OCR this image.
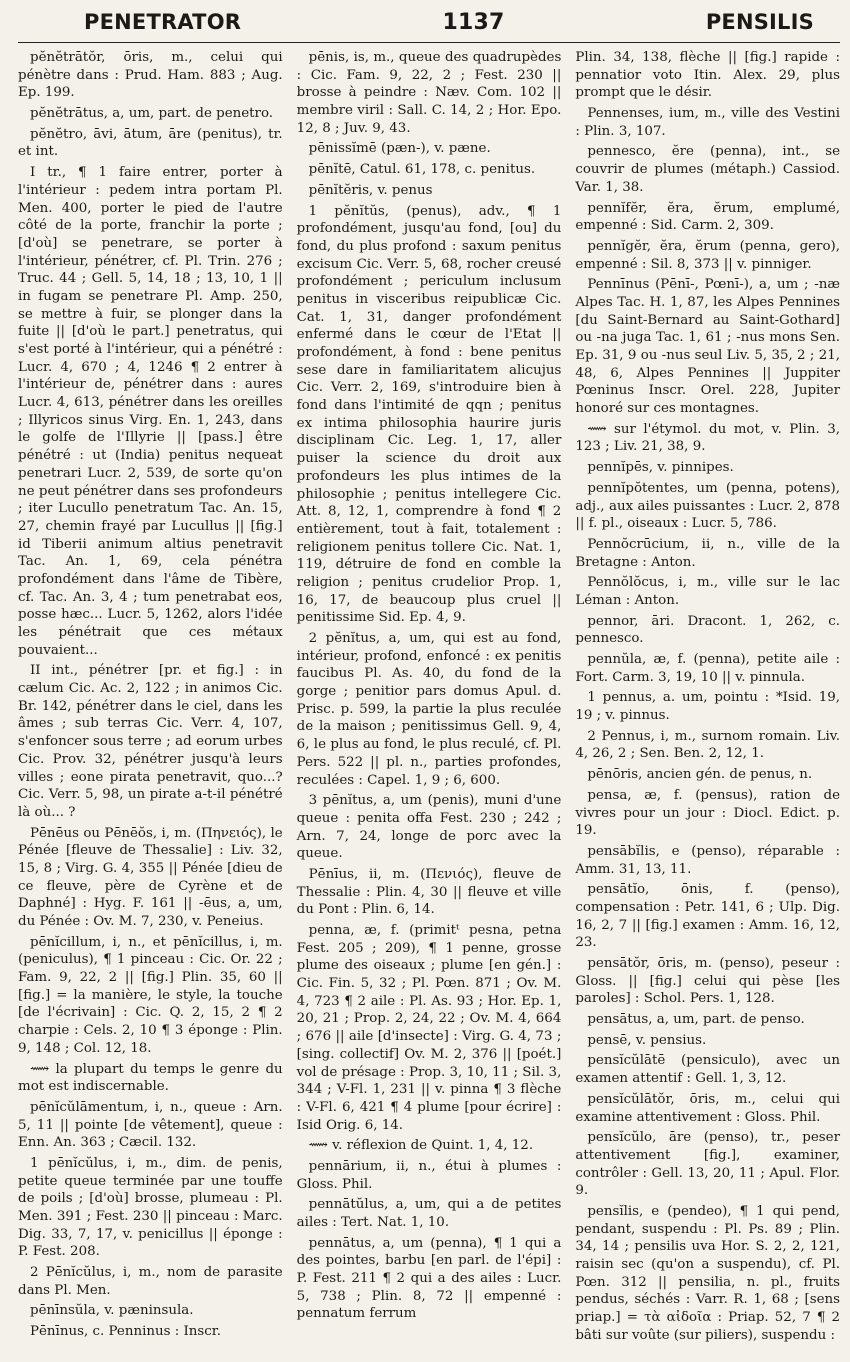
PENETRATOR	1137	PENSILIS

pĕnĕtrātŏr, ōris, m., celui qui pénètre dans : Prud. Ham. 883 ; Aug. Ep. 199.

pĕnĕtrātus, a, um, part. de penetro.

pĕnĕtro, āvi, ātum, āre (penitus), tr. et int.

I tr., ¶ 1 faire entrer, porter à l'intérieur : pedem intra portam Pl. Men. 400, porter le pied de l'autre côté de la porte, franchir la porte ; [d'où] se penetrare, se porter à l'intérieur, pénétrer, cf. Pl. Trin. 276 ; Truc. 44 ; Gell. 5, 14, 18 ; 13, 10, 1 || in fugam se penetrare Pl. Amp. 250, se mettre à fuir, se plonger dans la fuite || [d'où le part.] penetratus, qui s'est porté à l'intérieur, qui a pénétré : Lucr. 4, 670 ; 4, 1246 ¶ 2 entrer à l'intérieur de, pénétrer dans : aures Lucr. 4, 613, pénétrer dans les oreilles ; Illyricos sinus Virg. En. 1, 243, dans le golfe de l'Illyrie || [pass.] être pénétré : ut (India) penitus nequeat penetrari Lucr. 2, 539, de sorte qu'on ne peut pénétrer dans ses profondeurs ; iter Lucullo penetratum Tac. An. 15, 27, chemin frayé par Lucullus || [fig.] id Tiberii animum altius penetravit Tac. An. 1, 69, cela pénétra profondément dans l'âme de Tibère, cf. Tac. An. 3, 4 ; tum penetrabat eos, posse hæc... Lucr. 5, 1262, alors l'idée les pénétrait que ces métaux pouvaient...

II int., pénétrer [pr. et fig.] : in cælum Cic. Ac. 2, 122 ; in animos Cic. Br. 142, pénétrer dans le ciel, dans les âmes ; sub terras Cic. Verr. 4, 107, s'enfoncer sous terre ; ad eorum urbes Cic. Prov. 32, pénétrer jusqu'à leurs villes ; eone pirata penetravit, quo...? Cic. Verr. 5, 98, un pirate a-t-il pénétré là où... ?

Pēnēus ou Pēnēŏs, i, m. (Πηνειός), le Pénée [fleuve de Thessalie] : Liv. 32, 15, 8 ; Virg. G. 4, 355 || Pénée [dieu de ce fleuve, père de Cyrène et de Daphné] : Hyg. F. 161 || -ēus, a, um, du Pénée : Ov. M. 7, 230, v. Peneius.

pēnĭcillum, i, n., et pēnĭcillus, i, m. (peniculus), ¶ 1 pinceau : Cic. Or. 22 ; Fam. 9, 22, 2 || [fig.] Plin. 35, 60 || [fig.] = la manière, le style, la touche [de l'écrivain] : Cic. Q. 2, 15, 2 ¶ 2 charpie : Cels. 2, 10 ¶ 3 éponge : Plin. 9, 148 ; Col. 12, 18.

⟿ la plupart du temps le genre du mot est indiscernable.

pēnĭcŭlāmentum, i, n., queue : Arn. 5, 11 || pointe [de vêtement], queue : Enn. An. 363 ; Cæcil. 132.

1 pēnĭcŭlus, i, m., dim. de penis, petite queue terminée par une touffe de poils ; [d'où] brosse, plumeau : Pl. Men. 391 ; Fest. 230 || pinceau : Marc. Dig. 33, 7, 17, v. penicillus || éponge : P. Fest. 208.

2 Pēnĭcŭlus, i, m., nom de parasite dans Pl. Men.

pēnīnsŭla, v. pæninsula.

Pēnīnus, c. Penninus : Inscr.

pēnis, is, m., queue des quadrupèdes : Cic. Fam. 9, 22, 2 ; Fest. 230 || brosse à peindre : Næv. Com. 102 || membre viril : Sall. C. 14, 2 ; Hor. Epo. 12, 8 ; Juv. 9, 43.

pēnissĭmē (pæn-), v. pæne.

pēnĭtē, Catul. 61, 178, c. penitus.

pēnĭtĕris, v. penus

1 pĕnĭtŭs, (penus), adv., ¶ 1 profondément, jusqu'au fond, [ou] du fond, du plus profond : saxum penitus excisum Cic. Verr. 5, 68, rocher creusé profondément ; periculum inclusum penitus in visceribus reipublicæ Cic. Cat. 1, 31, danger profondément enfermé dans le cœur de l'Etat || profondément, à fond : bene penitus sese dare in familiaritatem alicujus Cic. Verr. 2, 169, s'introduire bien à fond dans l'intimité de qqn ; penitus ex intima philosophia haurire juris disciplinam Cic. Leg. 1, 17, aller puiser la science du droit aux profondeurs les plus intimes de la philosophie ; penitus intellegere Cic. Att. 8, 12, 1, comprendre à fond ¶ 2 entièrement, tout à fait, totalement : religionem penitus tollere Cic. Nat. 1, 119, détruire de fond en comble la religion ; penitus crudelior Prop. 1, 16, 17, de beaucoup plus cruel || penitissime Sid. Ep. 4, 9.

2 pĕnĭtus, a, um, qui est au fond, intérieur, profond, enfoncé : ex penitis faucibus Pl. As. 40, du fond de la gorge ; penitior pars domus Apul. d. Prisc. p. 599, la partie la plus reculée de la maison ; penitissimus Gell. 9, 4, 6, le plus au fond, le plus reculé, cf. Pl. Pers. 522 || pl. n., parties profondes, reculées : Capel. 1, 9 ; 6, 600.

3 pēnĭtus, a, um (penis), muni d'une queue : penita offa Fest. 230 ; 242 ; Arn. 7, 24, longe de porc avec la queue.

Pēnīus, ii, m. (Πενιός), fleuve de Thessalie : Plin. 4, 30 || fleuve et ville du Pont : Plin. 6, 14.

penna, æ, f. (primitᵗ pesna, petna Fest. 205 ; 209), ¶ 1 penne, grosse plume des oiseaux ; plume [en gén.] : Cic. Fin. 5, 32 ; Pl. Pœn. 871 ; Ov. M. 4, 723 ¶ 2 aile : Pl. As. 93 ; Hor. Ep. 1, 20, 21 ; Prop. 2, 24, 22 ; Ov. M. 4, 664 ; 676 || aile [d'insecte] : Virg. G. 4, 73 ; [sing. collectif] Ov. M. 2, 376 || [poét.] vol de présage : Prop. 3, 10, 11 ; Sil. 3, 344 ; V-Fl. 1, 231 || v. pinna ¶ 3 flèche : V-Fl. 6, 421 ¶ 4 plume [pour écrire] : Isid Orig. 6, 14.

⟿ v. réflexion de Quint. 1, 4, 12.

pennārium, ii, n., étui à plumes : Gloss. Phil.

pennātŭlus, a, um, qui a de petites ailes : Tert. Nat. 1, 10.

pennātus, a, um (penna), ¶ 1 qui a des pointes, barbu [en parl. de l'épi] : P. Fest. 211 ¶ 2 qui a des ailes : Lucr. 5, 738 ; Plin. 8, 72 || empenné : pennatum ferrum

Plin. 34, 138, flèche || [fig.] rapide : pennatior voto Itin. Alex. 29, plus prompt que le désir.

Pennenses, ium, m., ville des Vestini : Plin. 3, 107.

pennesco, ĕre (penna), int., se couvrir de plumes (métaph.) Cassiod. Var. 1, 38.

pennĭfĕr, ĕra, ĕrum, emplumé, empenné : Sid. Carm. 2, 309.

pennĭgĕr, ĕra, ĕrum (penna, gero), empenné : Sil. 8, 373 || v. pinniger.

Pennīnus (Pēnī-, Pœnī-), a, um ; -næ Alpes Tac. H. 1, 87, les Alpes Pennines [du Saint-Bernard au Saint-Gothard] ou -na juga Tac. 1, 61 ; -nus mons Sen. Ep. 31, 9 ou -nus seul Liv. 5, 35, 2 ; 21, 48, 6, Alpes Pennines || Juppiter Pœninus Inscr. Orel. 228, Jupiter honoré sur ces montagnes.

⟿ sur l'étymol. du mot, v. Plin. 3, 123 ; Liv. 21, 38, 9.

pennĭpēs, v. pinnipes.

pennĭpŏtentes, um (penna, potens), adj., aux ailes puissantes : Lucr. 2, 878 || f. pl., oiseaux : Lucr. 5, 786.

Pennŏcrūcium, ii, n., ville de la Bretagne : Anton.

Pennŏlŏcus, i, m., ville sur le lac Léman : Anton.

pennor, āri. Dracont. 1, 262, c. pennesco.

pennŭla, æ, f. (penna), petite aile : Fort. Carm. 3, 19, 10 || v. pinnula.

1 pennus, a. um, pointu : *Isid. 19, 19 ; v. pinnus.

2 Pennus, i, m., surnom romain. Liv. 4, 26, 2 ; Sen. Ben. 2, 12, 1.

pēnōris, ancien gén. de penus, n.

pensa, æ, f. (pensus), ration de vivres pour un jour : Diocl. Edict. p. 19.

pensābĭlis, e (penso), réparable : Amm. 31, 13, 11.

pensātĭo, ōnis, f. (penso), compensation : Petr. 141, 6 ; Ulp. Dig. 16, 2, 7 || [fig.] examen : Amm. 16, 12, 23.

pensātŏr, ōris, m. (penso), peseur : Gloss. || [fig.] celui qui pèse [les paroles] : Schol. Pers. 1, 128.

pensātus, a, um, part. de penso.

pensē, v. pensius.

pensĭcŭlātē (pensiculo), avec un examen attentif : Gell. 1, 3, 12.

pensĭcŭlātŏr, ōris, m., celui qui examine attentivement : Gloss. Phil.

pensĭcŭlo, āre (penso), tr., peser attentivement [fig.], examiner, contrôler : Gell. 13, 20, 11 ; Apul. Flor. 9.

pensĭlis, e (pendeo), ¶ 1 qui pend, pendant, suspendu : Pl. Ps. 89 ; Plin. 34, 14 ; pensilis uva Hor. S. 2, 2, 121, raisin sec (qu'on a suspendu), cf. Pl. Pœn. 312 || pensilia, n. pl., fruits pendus, séchés : Varr. R. 1, 68 ; [sens priap.] = τὰ αἰδοῖα : Priap. 52, 7 ¶ 2 bâti sur voûte (sur piliers), suspendu :
